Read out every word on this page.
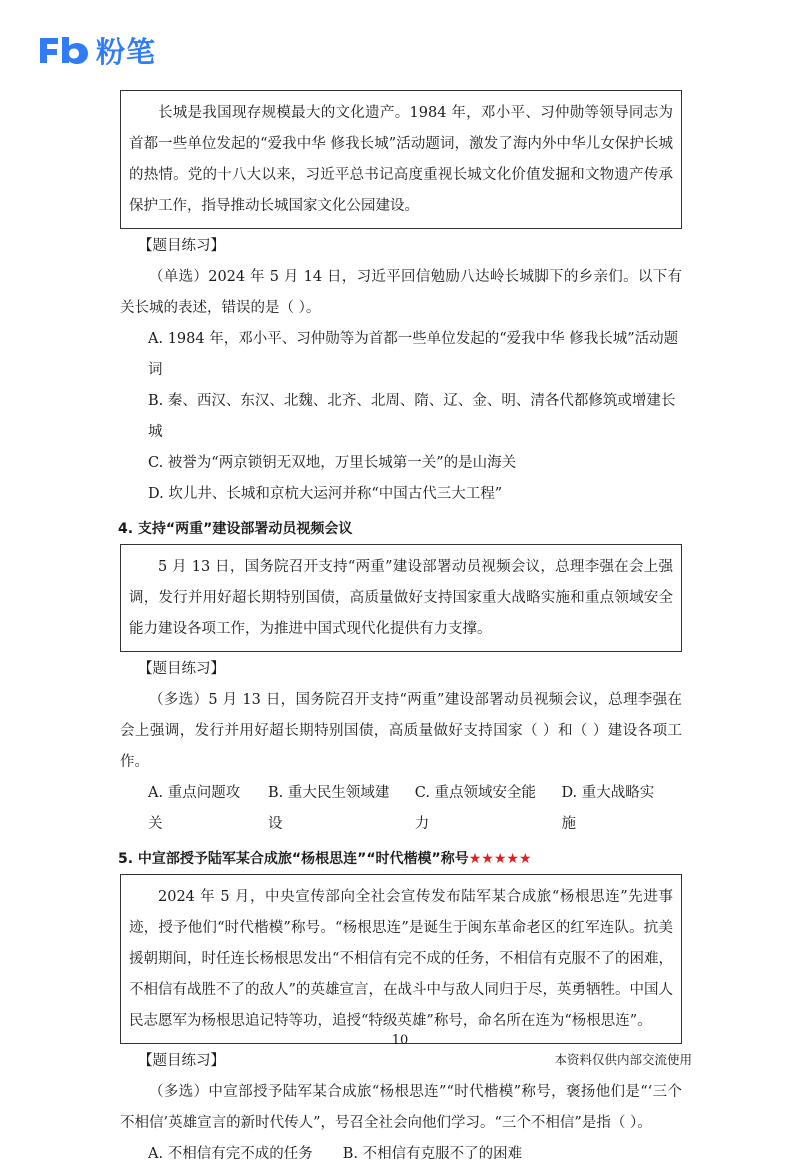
粉笔

长城是我国现存规模最大的文化遗产。1984 年，邓小平、习仲勋等领导同志为首都一些单位发起的“爱我中华 修我长城”活动题词，激发了海内外中华儿女保护长城的热情。党的十八大以来，习近平总书记高度重视长城文化价值发掘和文物遗产传承保护工作，指导推动长城国家文化公园建设。

【题目练习】

（单选）2024 年 5 月 14 日，习近平回信勉励八达岭长城脚下的乡亲们。以下有关长城的表述，错误的是（ ）。

A. 1984 年，邓小平、习仲勋等为首都一些单位发起的“爱我中华 修我长城”活动题词

B. 秦、西汉、东汉、北魏、北齐、北周、隋、辽、金、明、清各代都修筑或增建长城

C. 被誉为“两京锁钥无双地，万里长城第一关”的是山海关

D. 坎儿井、长城和京杭大运河并称“中国古代三大工程”

4. 支持“两重”建设部署动员视频会议

5 月 13 日，国务院召开支持“两重”建设部署动员视频会议，总理李强在会上强调，发行并用好超长期特别国债，高质量做好支持国家重大战略实施和重点领域安全能力建设各项工作，为推进中国式现代化提供有力支撑。

【题目练习】

（多选）5 月 13 日，国务院召开支持“两重”建设部署动员视频会议，总理李强在会上强调，发行并用好超长期特别国债，高质量做好支持国家（ ）和（ ）建设各项工作。

A. 重点问题攻关
B. 重大民生领域建设
C. 重点领域安全能力
D. 重大战略实施
5. 中宣部授予陆军某合成旅“杨根思连”“时代楷模”称号★★★★★

2024 年 5 月，中央宣传部向全社会宣传发布陆军某合成旅“杨根思连”先进事迹，授予他们“时代楷模”称号。“杨根思连”是诞生于闽东革命老区的红军连队。抗美援朝期间，时任连长杨根思发出“不相信有完不成的任务，不相信有克服不了的困难，不相信有战胜不了的敌人”的英雄宣言，在战斗中与敌人同归于尽，英勇牺牲。中国人民志愿军为杨根思追记特等功，追授“特级英雄”称号，命名所在连为“杨根思连”。

【题目练习】

（多选）中宣部授予陆军某合成旅“杨根思连”“时代楷模”称号，褒扬他们是“‘三个不相信’英雄宣言的新时代传人”，号召全社会向他们学习。“三个不相信”是指（ ）。

A. 不相信有完不成的任务 B. 不相信有克服不了的困难
10
本资料仅供内部交流使用
